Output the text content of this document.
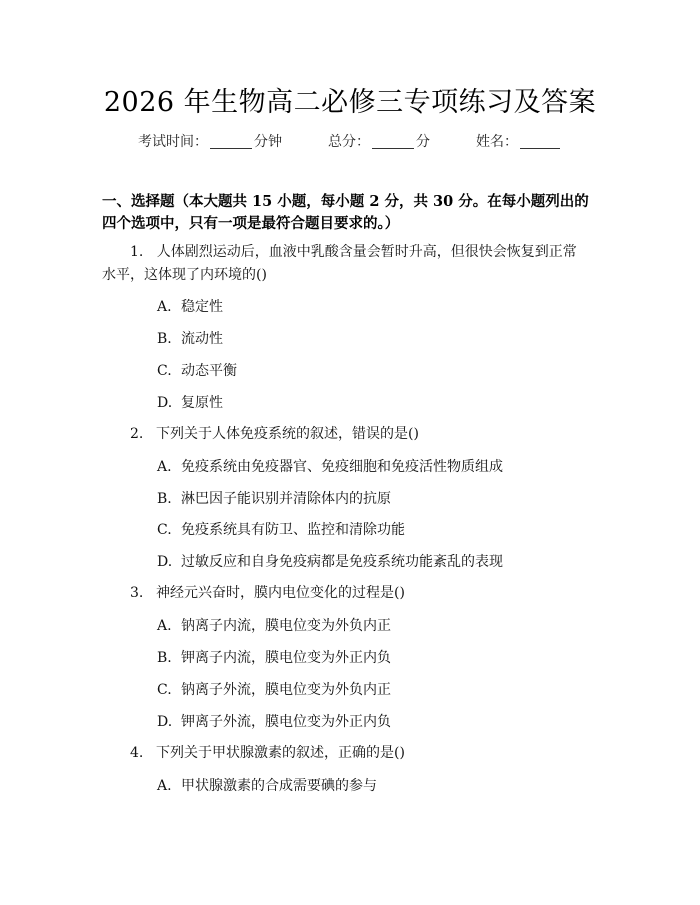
2026 年生物高二必修三专项练习及答案
考试时间：	分钟	总分：	分	姓名：
一、选择题（本大题共 15 小题，每小题 2 分，共 30 分。在每小题列出的四个选项中，只有一项是最符合题目要求的。）
1. 人体剧烈运动后，血液中乳酸含量会暂时升高，但很快会恢复到正常水平，这体现了内环境的()
A. 稳定性
B. 流动性
C. 动态平衡
D. 复原性
2. 下列关于人体免疫系统的叙述，错误的是()
A. 免疫系统由免疫器官、免疫细胞和免疫活性物质组成
B. 淋巴因子能识别并清除体内的抗原
C. 免疫系统具有防卫、监控和清除功能
D. 过敏反应和自身免疫病都是免疫系统功能紊乱的表现
3. 神经元兴奋时，膜内电位变化的过程是()
A. 钠离子内流，膜电位变为外负内正
B. 钾离子内流，膜电位变为外正内负
C. 钠离子外流，膜电位变为外负内正
D. 钾离子外流，膜电位变为外正内负
4. 下列关于甲状腺激素的叙述，正确的是()
A. 甲状腺激素的合成需要碘的参与
